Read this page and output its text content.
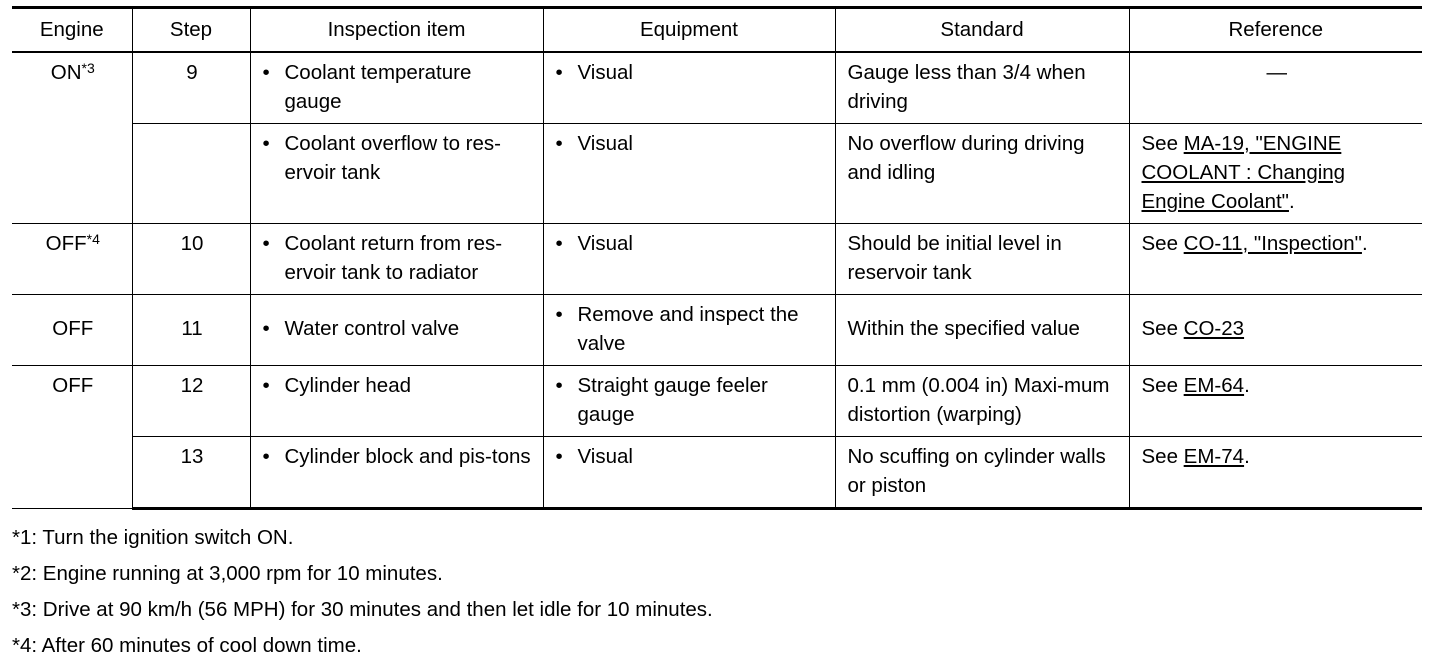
Engine	Step	Inspection item	Equipment	Standard	Reference
ON$^{*3}$	9	• Coolant temperature gauge	• Visual	Gauge less than 3/4 when driving	—

		• Coolant overflow to res-ervoir tank	• Visual	No overflow during driving and idling	See MA-19, "ENGINE COOLANT : Changing Engine Coolant".
OFF$^{*4}$	10	• Coolant return from res-ervoir tank to radiator	• Visual	Should be initial level in reservoir tank	See CO-11, "Inspection".
OFF	11	• Water control valve	• Remove and inspect the valve	Within the specified value	See CO-23
OFF	12	• Cylinder head	• Straight gauge feeler gauge	0.1 mm (0.004 in) Maxi-mum distortion (warping)	See EM-64.
	13	• Cylinder block and pis-tons	• Visual	No scuffing on cylinder walls or piston	See EM-74.
*1: Turn the ignition switch ON.
*2: Engine running at 3,000 rpm for 10 minutes.
*3: Drive at 90 km/h (56 MPH) for 30 minutes and then let idle for 10 minutes.
*4: After 60 minutes of cool down time.
